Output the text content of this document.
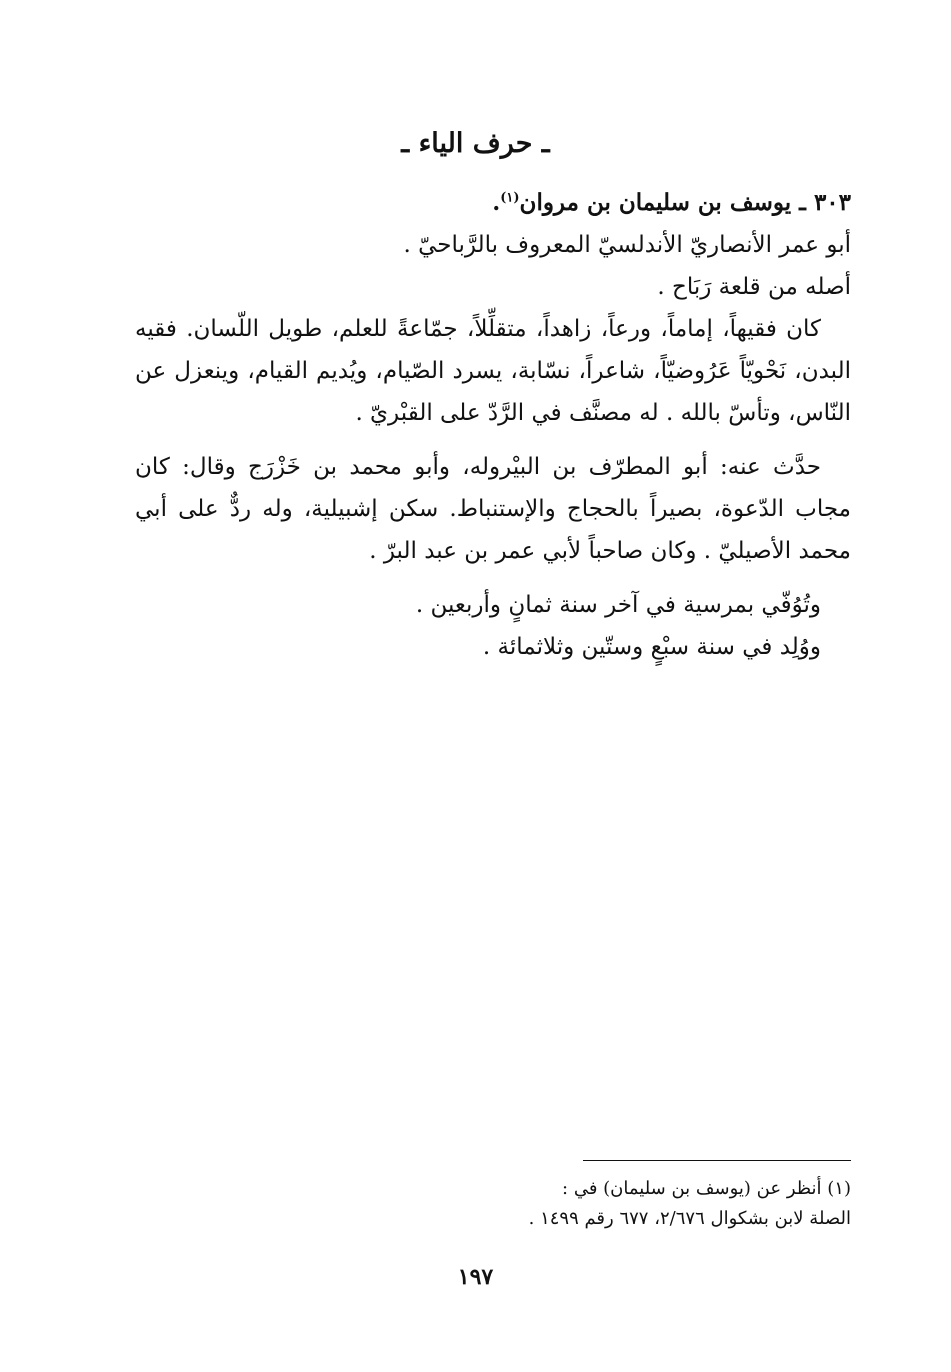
ـ حرف الياء ـ

٣٠٣ ـ يوسف بن سليمان بن مروان$^{(١)}$.

أبو عمر الأنصاريّ الأندلسيّ المعروف بالرَّباحيّ .

أصله من قلعة رَبَاح .

كان فقيهاً، إماماً، ورعاً، زاهداً، متقلِّلاً، جمّاعةً للعلم، طويل اللّسان. فقيه البدن، نَحْويّاً عَرُوضيّاً، شاعراً، نسّابة، يسرد الصّيام، ويُديم القيام، وينعزل عن النّاس، وتأسّ بالله . له مصنَّف في الرَّدّ على القبْريّ .

حدَّث عنه: أبو المطرّف بن البيْروله، وأبو محمد بن خَزْرَج وقال: كان مجاب الدّعوة، بصيراً بالحجاج والإستنباط. سكن إشبيلية، وله ردٌّ على أبي محمد الأصيليّ . وكان صاحباً لأبي عمر بن عبد البرّ .

وتُوُفّي بمرسية في آخر سنة ثمانٍ وأربعين .

ووُلِد في سنة سبْعٍ وستّين وثلاثمائة .

(١) أنظر عن (يوسف بن سليمان) في :

الصلة لابن بشكوال ٢/٦٧٦، ٦٧٧ رقم ١٤٩٩ .

١٩٧
